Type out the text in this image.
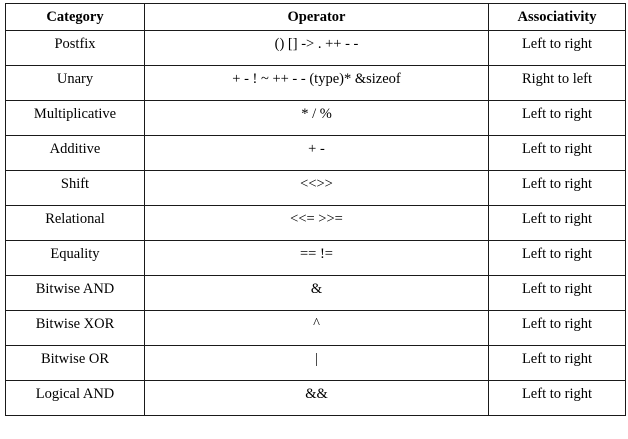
Category	Operator	Associativity
Postfix	() [] -> . ++ - -	Left to right
Unary	+ - ! ~ ++ - - (type)* &sizeof	Right to left
Multiplicative	* / %	Left to right
Additive	+ -	Left to right
Shift	<<>>	Left to right
Relational	<<= >>=	Left to right
Equality	== !=	Left to right
Bitwise AND	&	Left to right
Bitwise XOR	^	Left to right
Bitwise OR	|	Left to right
Logical AND	&&	Left to right
